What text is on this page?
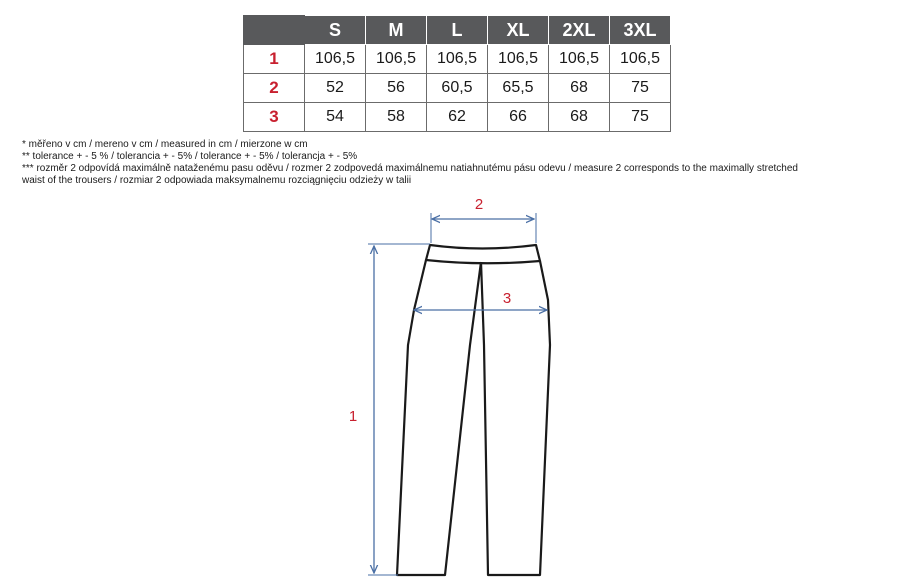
	S	M	L	XL	2XL	3XL
1	106,5	106,5	106,5	106,5	106,5	106,5
2	52	56	60,5	65,5	68	75
3	54	58	62	66	68	75

* měřeno v cm / mereno v cm / measured in cm / mierzone w cm

** tolerance + - 5 % / tolerancia + - 5% / tolerance + - 5% / tolerancja + - 5%

*** rozměr 2 odpovídá maximálně nataženému pasu oděvu / rozmer 2 zodpovedá maximálnemu natiahnutému pásu odevu / measure 2 corresponds to the maximally stretched

waist of the trousers / rozmiar 2 odpowiada maksymalnemu rozciągnięciu odzieży w talii

2
3
1
